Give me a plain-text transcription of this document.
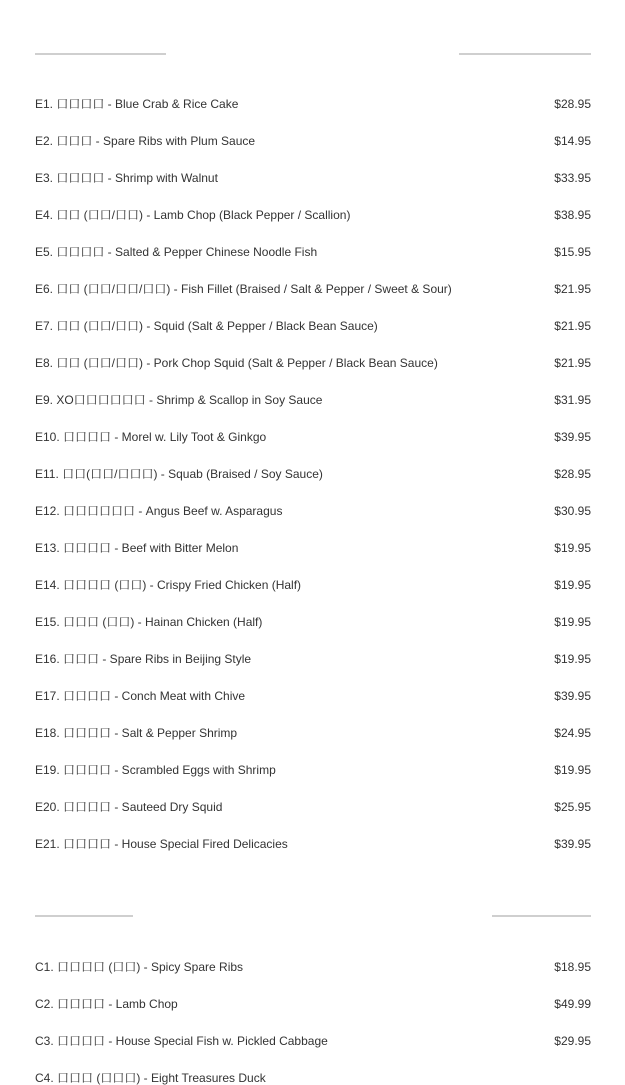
E1. 口口口口 - Blue Crab & Rice Cake	$28.95
E2. 口口口 - Spare Ribs with Plum Sauce	$14.95
E3. 口口口口 - Shrimp with Walnut	$33.95
E4. 口口 (口口/口口) - Lamb Chop (Black Pepper / Scallion)	$38.95
E5. 口口口口 - Salted & Pepper Chinese Noodle Fish	$15.95
E6. 口口 (口口/口口/口口) - Fish Fillet (Braised / Salt & Pepper / Sweet & Sour)	$21.95
E7. 口口 (口口/口口) - Squid (Salt & Pepper / Black Bean Sauce)	$21.95
E8. 口口 (口口/口口) - Pork Chop Squid (Salt & Pepper / Black Bean Sauce)	$21.95
E9. XO口口口口口口 - Shrimp & Scallop in Soy Sauce	$31.95
E10. 口口口口 - Morel w. Lily Toot & Ginkgo	$39.95
E11. 口口(口口/口口口) - Squab (Braised / Soy Sauce)	$28.95
E12. 口口口口口口 - Angus Beef w. Asparagus	$30.95
E13. 口口口口 - Beef with Bitter Melon	$19.95
E14. 口口口口 (口口) - Crispy Fried Chicken (Half)	$19.95
E15. 口口口 (口口) - Hainan Chicken (Half)	$19.95
E16. 口口口 - Spare Ribs in Beijing Style	$19.95
E17. 口口口口 - Conch Meat with Chive	$39.95
E18. 口口口口 - Salt & Pepper Shrimp	$24.95
E19. 口口口口 - Scrambled Eggs with Shrimp	$19.95
E20. 口口口口 - Sauteed Dry Squid	$25.95
E21. 口口口口 - House Special Fired Delicacies	$39.95
C1. 口口口口 (口口) - Spicy Spare Ribs	$18.95
C2. 口口口口 - Lamb Chop	$49.99
C3. 口口口口 - House Special Fish w. Pickled Cabbage	$29.95
C4. 口口口 (口口口) - Eight Treasures Duck
